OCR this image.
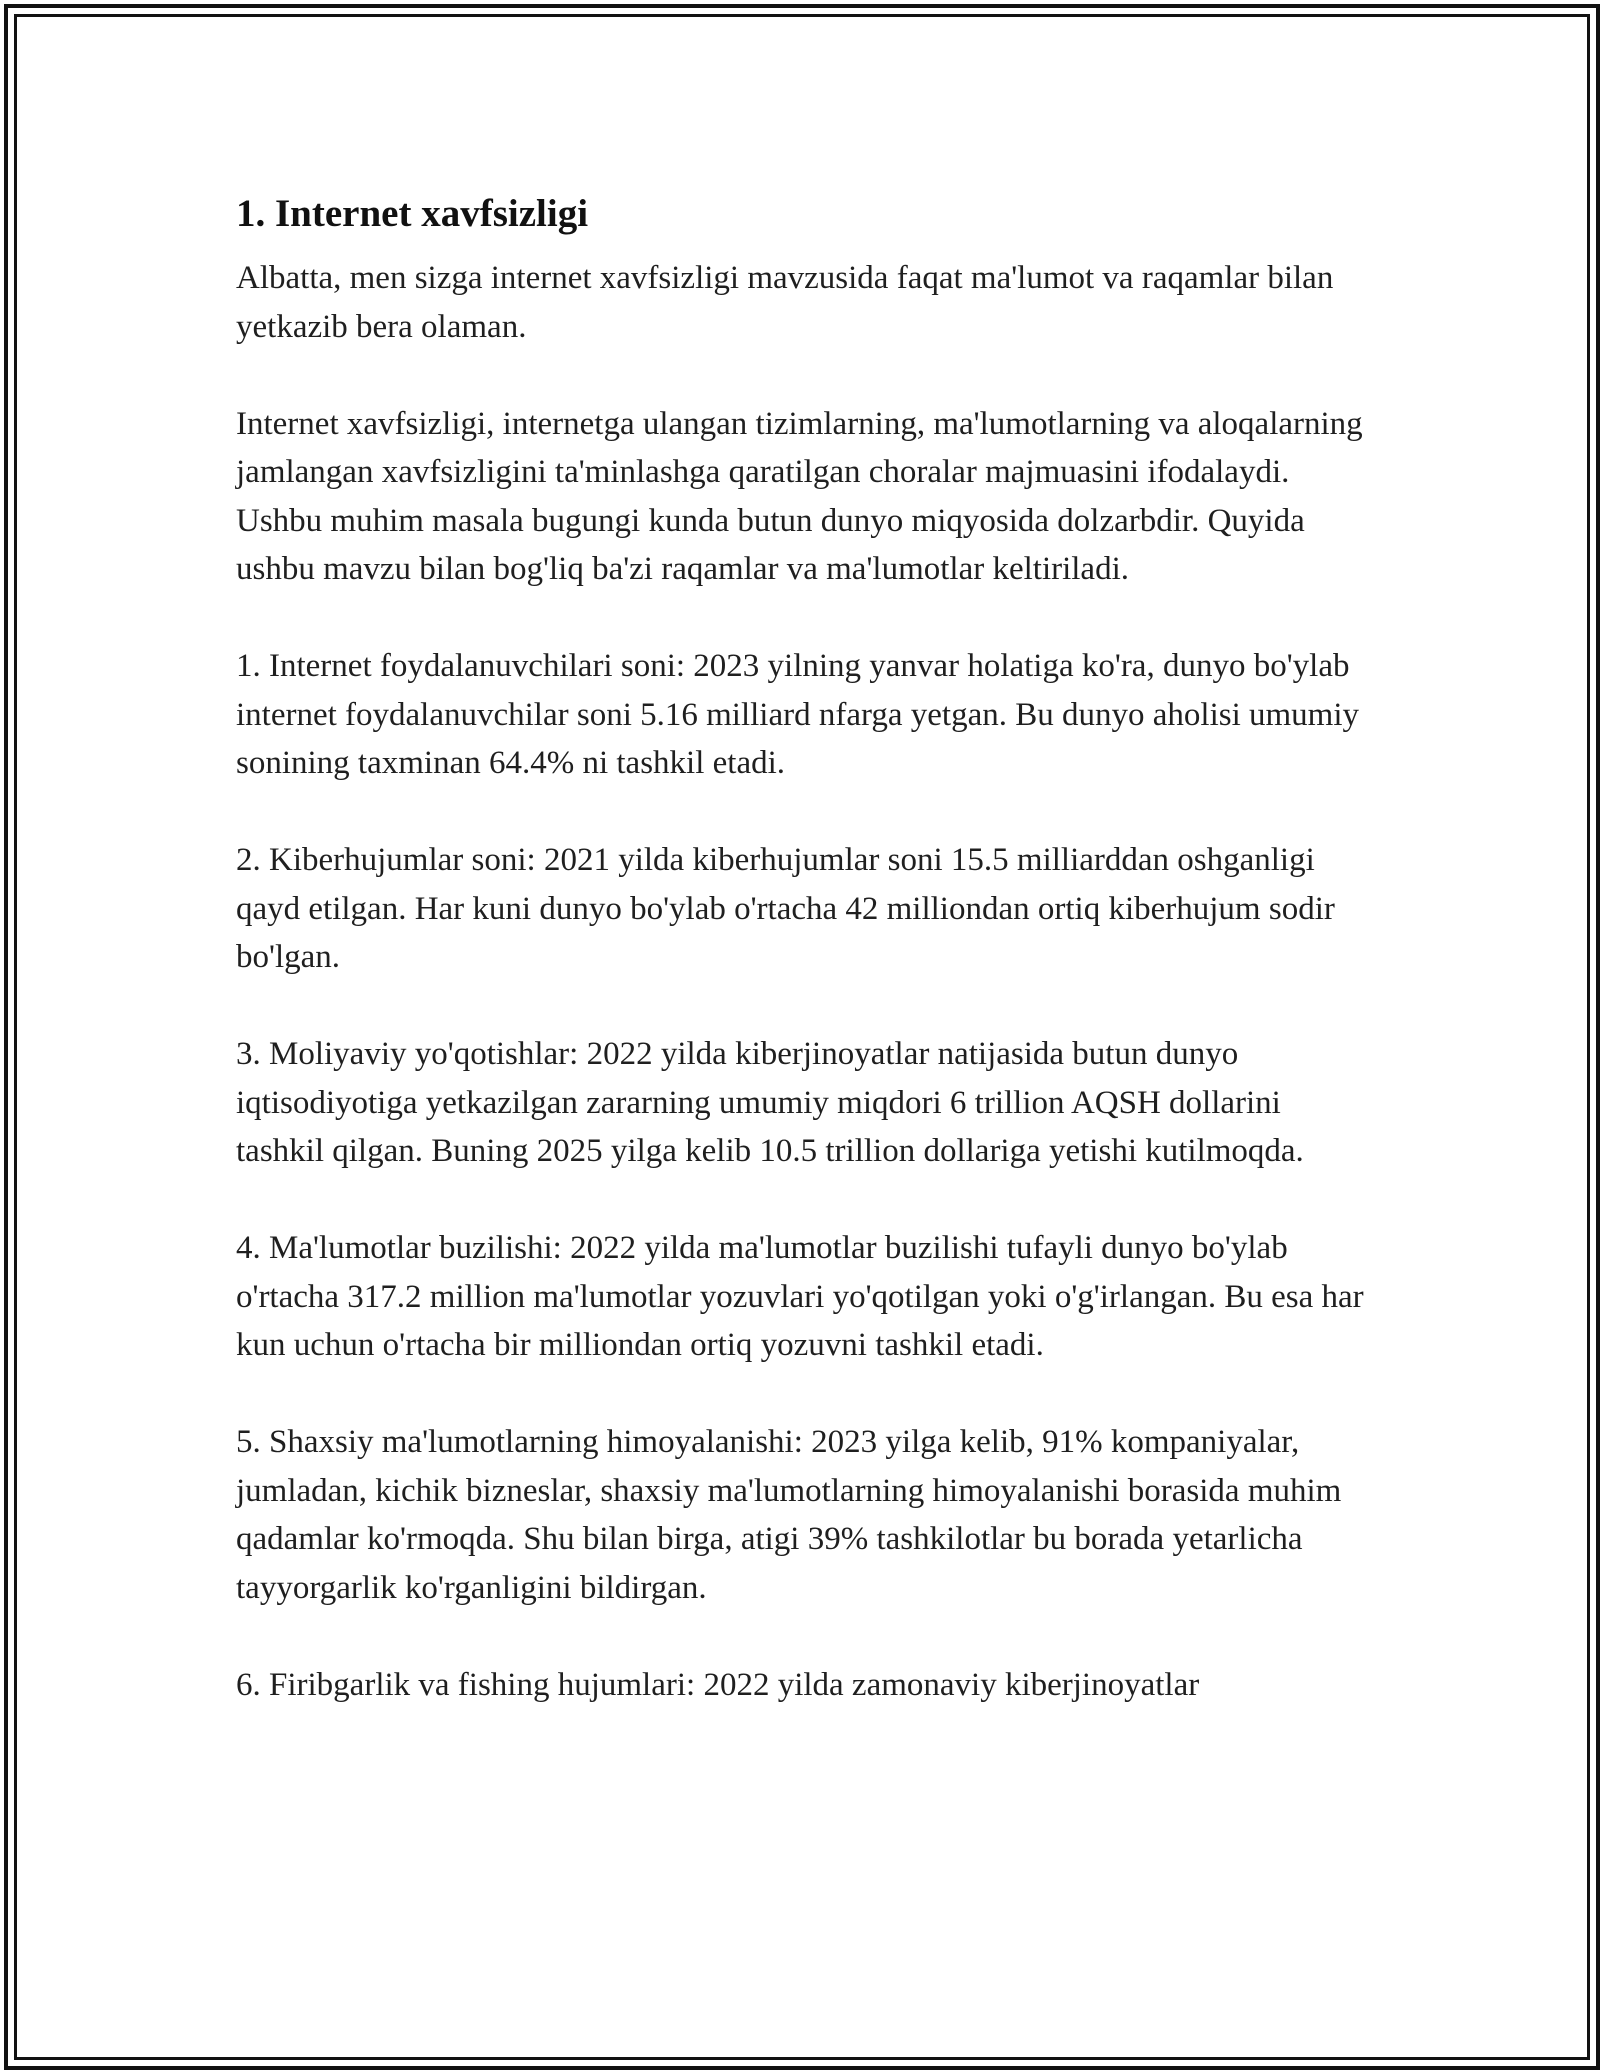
1. Internet xavfsizligi

Albatta, men sizga internet xavfsizligi mavzusida faqat ma'lumot va raqamlar bilan yetkazib bera olaman.

Internet xavfsizligi, internetga ulangan tizimlarning, ma'lumotlarning va aloqalarning jamlangan xavfsizligini ta'minlashga qaratilgan choralar majmuasini ifodalaydi. Ushbu muhim masala bugungi kunda butun dunyo miqyosida dolzarbdir. Quyida ushbu mavzu bilan bog'liq ba'zi raqamlar va ma'lumotlar keltiriladi.

1. Internet foydalanuvchilari soni: 2023 yilning yanvar holatiga ko'ra, dunyo bo'ylab internet foydalanuvchilar soni 5.16 milliard nfarga yetgan. Bu dunyo aholisi umumiy sonining taxminan 64.4% ni tashkil etadi.

2. Kiberhujumlar soni: 2021 yilda kiberhujumlar soni 15.5 milliarddan oshganligi qayd etilgan. Har kuni dunyo bo'ylab o'rtacha 42 milliondan ortiq kiberhujum sodir bo'lgan.

3. Moliyaviy yo'qotishlar: 2022 yilda kiberjinoyatlar natijasida butun dunyo iqtisodiyotiga yetkazilgan zararning umumiy miqdori 6 trillion AQSH dollarini tashkil qilgan. Buning 2025 yilga kelib 10.5 trillion dollariga yetishi kutilmoqda.

4. Ma'lumotlar buzilishi: 2022 yilda ma'lumotlar buzilishi tufayli dunyo bo'ylab o'rtacha 317.2 million ma'lumotlar yozuvlari yo'qotilgan yoki o'g'irlangan. Bu esa har kun uchun o'rtacha bir milliondan ortiq yozuvni tashkil etadi.

5. Shaxsiy ma'lumotlarning himoyalanishi: 2023 yilga kelib, 91% kompaniyalar, jumladan, kichik bizneslar, shaxsiy ma'lumotlarning himoyalanishi borasida muhim qadamlar ko'rmoqda. Shu bilan birga, atigi 39% tashkilotlar bu borada yetarlicha tayyorgarlik ko'rganligini bildirgan.

6. Firibgarlik va fishing hujumlari: 2022 yilda zamonaviy kiberjinoyatlar
